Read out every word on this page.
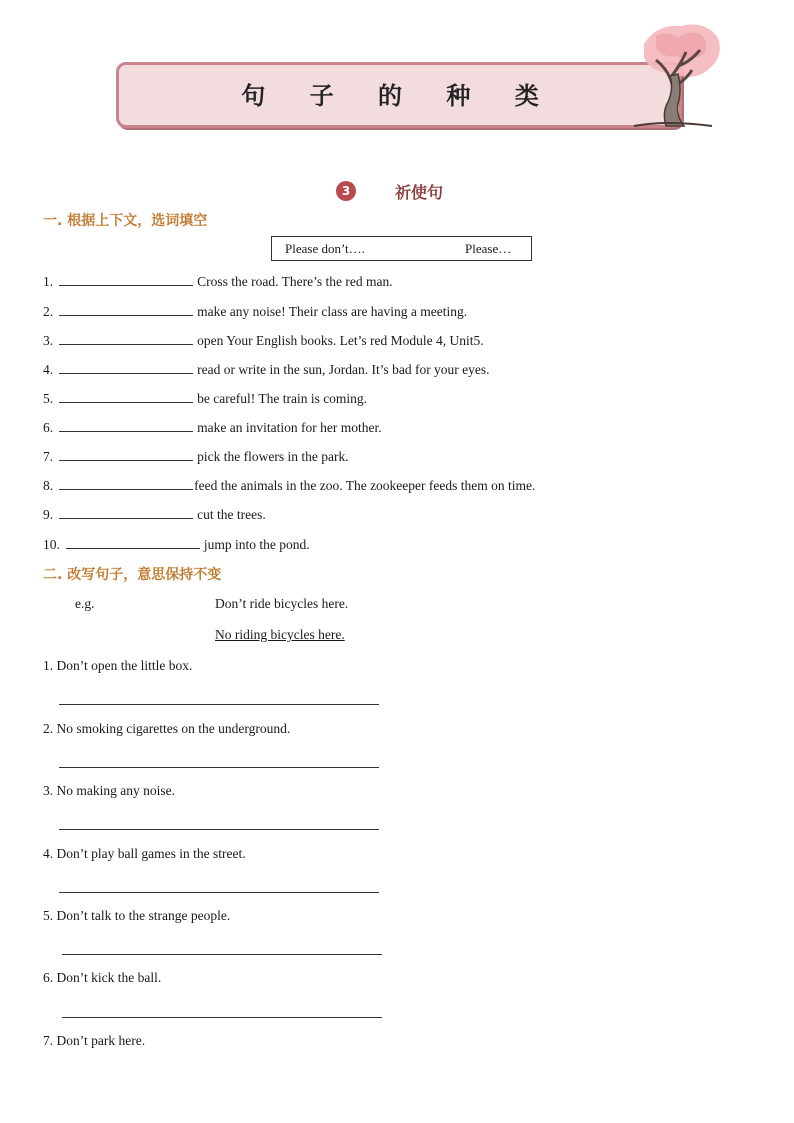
句 子 的 种 类
3	祈使句
一. 根据上下文，选词填空
Please don’t….	Please…
1.	Cross the road. There’s the red man.
2.	make any noise! Their class are having a meeting.
3.	open Your English books. Let’s red Module 4, Unit5.
4.	read or write in the sun, Jordan. It’s bad for your eyes.
5.	be careful! The train is coming.
6.	make an invitation for her mother.
7.	pick the flowers in the park.
8.	feed the animals in the zoo. The zookeeper feeds them on time.
9.	cut the trees.
10.	jump into the pond.
二. 改写句子，意思保持不变
e.g.	Don’t ride bicycles here.
No riding bicycles here.
1. Don’t open the little box.
2. No smoking cigarettes on the underground.
3. No making any noise.
4. Don’t play ball games in the street.
5. Don’t talk to the strange people.
6. Don’t kick the ball.
7. Don’t park here.
